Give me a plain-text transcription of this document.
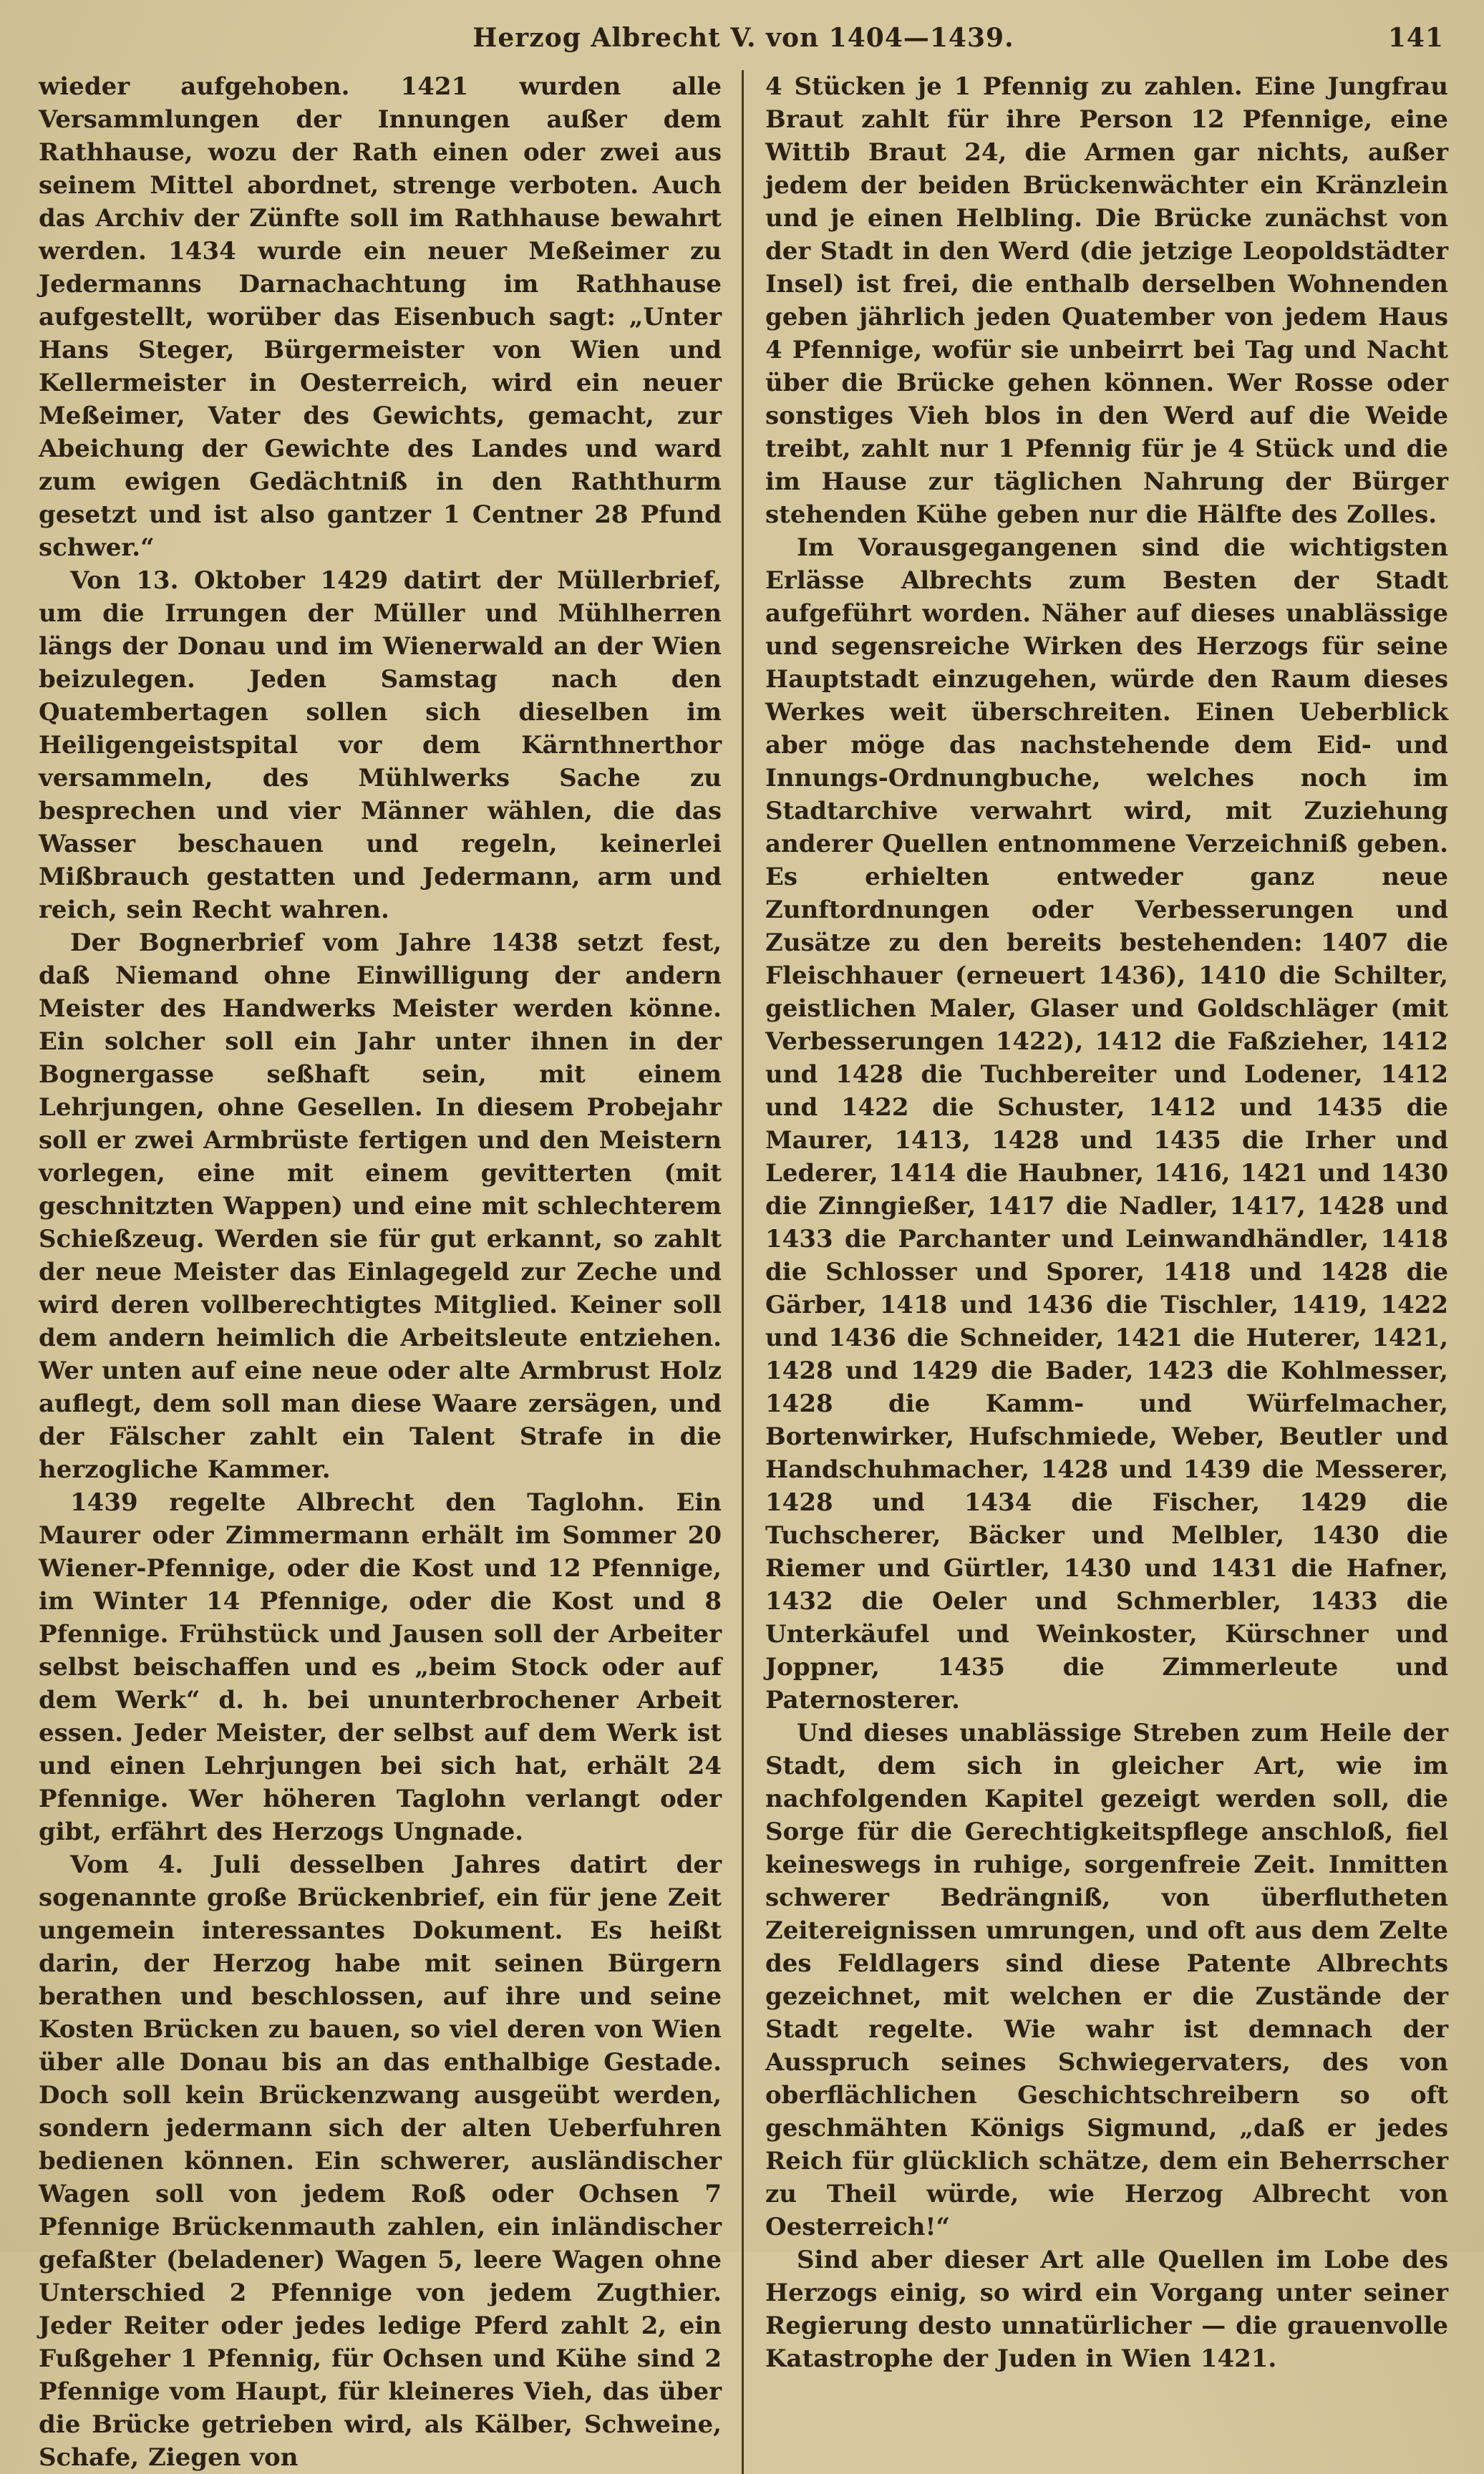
Herzog Albrecht V. von 1404—1439.	141

wieder aufgehoben. 1421 wurden alle Versammlungen der Innungen außer dem Rathhause, wozu der Rath einen oder zwei aus seinem Mittel abordnet, strenge verboten. Auch das Archiv der Zünfte soll im Rathhause bewahrt werden. 1434 wurde ein neuer Meßeimer zu Jedermanns Darnachachtung im Rathhause aufgestellt, worüber das Eisenbuch sagt: „Unter Hans Steger, Bürgermeister von Wien und Kellermeister in Oesterreich, wird ein neuer Meßeimer, Vater des Gewichts, gemacht, zur Abeichung der Gewichte des Landes und ward zum ewigen Gedächtniß in den Raththurm gesetzt und ist also gantzer 1 Centner 28 Pfund schwer.“

Von 13. Oktober 1429 datirt der Müllerbrief, um die Irrungen der Müller und Mühlherren längs der Donau und im Wienerwald an der Wien beizulegen. Jeden Samstag nach den Quatembertagen sollen sich dieselben im Heiligengeistspital vor dem Kärnthnerthor versammeln, des Mühlwerks Sache zu besprechen und vier Männer wählen, die das Wasser beschauen und regeln, keinerlei Mißbrauch gestatten und Jedermann, arm und reich, sein Recht wahren.

Der Bognerbrief vom Jahre 1438 setzt fest, daß Niemand ohne Einwilligung der andern Meister des Handwerks Meister werden könne. Ein solcher soll ein Jahr unter ihnen in der Bognergasse seßhaft sein, mit einem Lehrjungen, ohne Gesellen. In diesem Probejahr soll er zwei Armbrüste fertigen und den Meistern vorlegen, eine mit einem gevitterten (mit geschnitzten Wappen) und eine mit schlechterem Schießzeug. Werden sie für gut erkannt, so zahlt der neue Meister das Einlagegeld zur Zeche und wird deren vollberechtigtes Mitglied. Keiner soll dem andern heimlich die Arbeitsleute entziehen. Wer unten auf eine neue oder alte Armbrust Holz auflegt, dem soll man diese Waare zersägen, und der Fälscher zahlt ein Talent Strafe in die herzogliche Kammer.

1439 regelte Albrecht den Taglohn. Ein Maurer oder Zimmermann erhält im Sommer 20 Wiener-Pfennige, oder die Kost und 12 Pfennige, im Winter 14 Pfennige, oder die Kost und 8 Pfennige. Frühstück und Jausen soll der Arbeiter selbst beischaffen und es „beim Stock oder auf dem Werk“ d. h. bei ununterbrochener Arbeit essen. Jeder Meister, der selbst auf dem Werk ist und einen Lehrjungen bei sich hat, erhält 24 Pfennige. Wer höheren Taglohn verlangt oder gibt, erfährt des Herzogs Ungnade.

Vom 4. Juli desselben Jahres datirt der sogenannte große Brückenbrief, ein für jene Zeit ungemein interessantes Dokument. Es heißt darin, der Herzog habe mit seinen Bürgern berathen und beschlossen, auf ihre und seine Kosten Brücken zu bauen, so viel deren von Wien über alle Donau bis an das enthalbige Gestade. Doch soll kein Brückenzwang ausgeübt werden, sondern jedermann sich der alten Ueberfuhren bedienen können. Ein schwerer, ausländischer Wagen soll von jedem Roß oder Ochsen 7 Pfennige Brückenmauth zahlen, ein inländischer gefaßter (beladener) Wagen 5, leere Wagen ohne Unterschied 2 Pfennige von jedem Zugthier. Jeder Reiter oder jedes ledige Pferd zahlt 2, ein Fußgeher 1 Pfennig, für Ochsen und Kühe sind 2 Pfennige vom Haupt, für kleineres Vieh, das über die Brücke getrieben wird, als Kälber, Schweine, Schafe, Ziegen von

4 Stücken je 1 Pfennig zu zahlen. Eine Jungfrau Braut zahlt für ihre Person 12 Pfennige, eine Wittib Braut 24, die Armen gar nichts, außer jedem der beiden Brückenwächter ein Kränzlein und je einen Helbling. Die Brücke zunächst von der Stadt in den Werd (die jetzige Leopoldstädter Insel) ist frei, die enthalb derselben Wohnenden geben jährlich jeden Quatember von jedem Haus 4 Pfennige, wofür sie unbeirrt bei Tag und Nacht über die Brücke gehen können. Wer Rosse oder sonstiges Vieh blos in den Werd auf die Weide treibt, zahlt nur 1 Pfennig für je 4 Stück und die im Hause zur täglichen Nahrung der Bürger stehenden Kühe geben nur die Hälfte des Zolles.

Im Vorausgegangenen sind die wichtigsten Erlässe Albrechts zum Besten der Stadt aufgeführt worden. Näher auf dieses unablässige und segensreiche Wirken des Herzogs für seine Hauptstadt einzugehen, würde den Raum dieses Werkes weit überschreiten. Einen Ueberblick aber möge das nachstehende dem Eid- und Innungs-Ordnungbuche, welches noch im Stadtarchive verwahrt wird, mit Zuziehung anderer Quellen entnommene Verzeichniß geben. Es erhielten entweder ganz neue Zunftordnungen oder Verbesserungen und Zusätze zu den bereits bestehenden: 1407 die Fleischhauer (erneuert 1436), 1410 die Schilter, geistlichen Maler, Glaser und Goldschläger (mit Verbesserungen 1422), 1412 die Faßzieher, 1412 und 1428 die Tuchbereiter und Lodener, 1412 und 1422 die Schuster, 1412 und 1435 die Maurer, 1413, 1428 und 1435 die Irher und Lederer, 1414 die Haubner, 1416, 1421 und 1430 die Zinngießer, 1417 die Nadler, 1417, 1428 und 1433 die Parchanter und Leinwandhändler, 1418 die Schlosser und Sporer, 1418 und 1428 die Gärber, 1418 und 1436 die Tischler, 1419, 1422 und 1436 die Schneider, 1421 die Huterer, 1421, 1428 und 1429 die Bader, 1423 die Kohlmesser, 1428 die Kamm- und Würfelmacher, Bortenwirker, Hufschmiede, Weber, Beutler und Handschuhmacher, 1428 und 1439 die Messerer, 1428 und 1434 die Fischer, 1429 die Tuchscherer, Bäcker und Melbler, 1430 die Riemer und Gürtler, 1430 und 1431 die Hafner, 1432 die Oeler und Schmerbler, 1433 die Unterkäufel und Weinkoster, Kürschner und Joppner, 1435 die Zimmerleute und Paternosterer.

Und dieses unablässige Streben zum Heile der Stadt, dem sich in gleicher Art, wie im nachfolgenden Kapitel gezeigt werden soll, die Sorge für die Gerechtigkeitspflege anschloß, fiel keineswegs in ruhige, sorgenfreie Zeit. Inmitten schwerer Bedrängniß, von überflutheten Zeitereignissen umrungen, und oft aus dem Zelte des Feldlagers sind diese Patente Albrechts gezeichnet, mit welchen er die Zustände der Stadt regelte. Wie wahr ist demnach der Ausspruch seines Schwiegervaters, des von oberflächlichen Geschichtschreibern so oft geschmähten Königs Sigmund, „daß er jedes Reich für glücklich schätze, dem ein Beherrscher zu Theil würde, wie Herzog Albrecht von Oesterreich!“

Sind aber dieser Art alle Quellen im Lobe des Herzogs einig, so wird ein Vorgang unter seiner Regierung desto unnatürlicher — die grauenvolle Katastrophe der Juden in Wien 1421.
